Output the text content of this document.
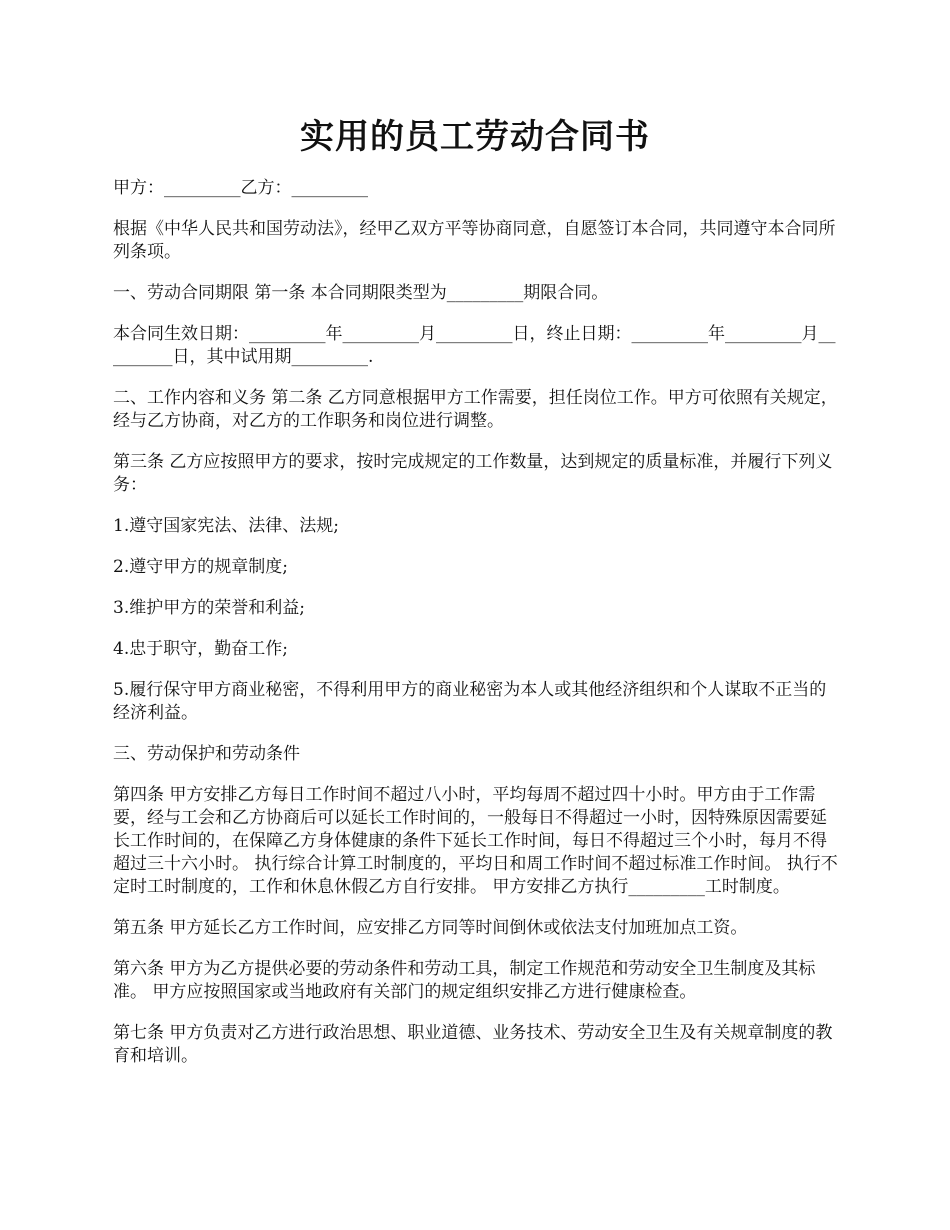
实用的员工劳动合同书

甲方：_________乙方：_________

根据《中华人民共和国劳动法》，经甲乙双方平等协商同意，自愿签订本合同，共同遵守本合同所列条项。

一、劳动合同期限 第一条 本合同期限类型为_________期限合同。

本合同生效日期：_________年_________月_________日，终止日期：_________年_________月_________日，其中试用期_________.

二、工作内容和义务 第二条 乙方同意根据甲方工作需要，担任岗位工作。甲方可依照有关规定，经与乙方协商，对乙方的工作职务和岗位进行调整。

第三条 乙方应按照甲方的要求，按时完成规定的工作数量，达到规定的质量标准，并履行下列义务：

1.遵守国家宪法、法律、法规;

2.遵守甲方的规章制度;

3.维护甲方的荣誉和利益;

4.忠于职守，勤奋工作;

5.履行保守甲方商业秘密，不得利用甲方的商业秘密为本人或其他经济组织和个人谋取不正当的经济利益。

三、劳动保护和劳动条件

第四条 甲方安排乙方每日工作时间不超过八小时，平均每周不超过四十小时。甲方由于工作需要，经与工会和乙方协商后可以延长工作时间的，一般每日不得超过一小时，因特殊原因需要延长工作时间的，在保障乙方身体健康的条件下延长工作时间，每日不得超过三个小时，每月不得超过三十六小时。 执行综合计算工时制度的，平均日和周工作时间不超过标准工作时间。 执行不定时工时制度的，工作和休息休假乙方自行安排。 甲方安排乙方执行_________工时制度。

第五条 甲方延长乙方工作时间，应安排乙方同等时间倒休或依法支付加班加点工资。

第六条 甲方为乙方提供必要的劳动条件和劳动工具，制定工作规范和劳动安全卫生制度及其标准。 甲方应按照国家或当地政府有关部门的规定组织安排乙方进行健康检查。

第七条 甲方负责对乙方进行政治思想、职业道德、业务技术、劳动安全卫生及有关规章制度的教育和培训。
